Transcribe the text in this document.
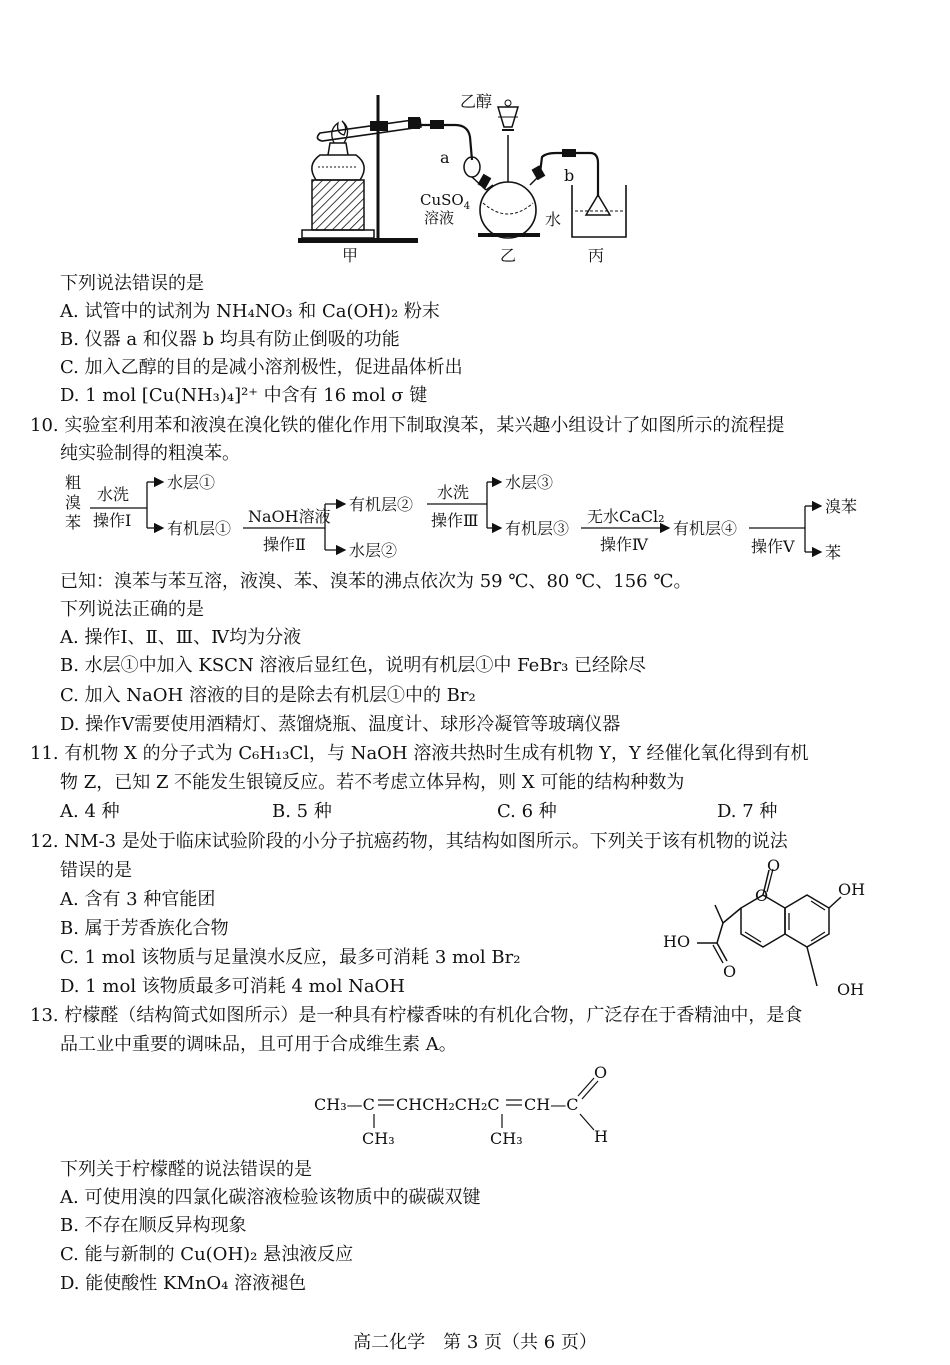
乙醇
a
b
CuSO$_4$
溶液	水
甲	乙	丙
下列说法错误的是
A. 试管中的试剂为 NH₄NO₃ 和 Ca(OH)₂ 粉末
B. 仪器 a 和仪器 b 均具有防止倒吸的功能
C. 加入乙醇的目的是减小溶剂极性，促进晶体析出
D. 1 mol [Cu(NH₃)₄]²⁺ 中含有 16 mol σ 键
10. 实验室利用苯和液溴在溴化铁的催化作用下制取溴苯，某兴趣小组设计了如图所示的流程提
纯实验制得的粗溴苯。
粗
溴
苯
水洗
操作Ⅰ
水层①
有机层①
NaOH溶液
操作Ⅱ
有机层②
水层②
水洗
操作Ⅲ
水层③
有机层③
无水CaCl₂
操作Ⅳ
有机层④
操作Ⅴ
溴苯
苯
已知：溴苯与苯互溶，液溴、苯、溴苯的沸点依次为 59 ℃、80 ℃、156 ℃。
下列说法正确的是
A. 操作Ⅰ、Ⅱ、Ⅲ、Ⅳ均为分液
B. 水层①中加入 KSCN 溶液后显红色，说明有机层①中 FeBr₃ 已经除尽
C. 加入 NaOH 溶液的目的是除去有机层①中的 Br₂
D. 操作Ⅴ需要使用酒精灯、蒸馏烧瓶、温度计、球形冷凝管等玻璃仪器
11. 有机物 X 的分子式为 C₆H₁₃Cl，与 NaOH 溶液共热时生成有机物 Y，Y 经催化氧化得到有机
物 Z，已知 Z 不能发生银镜反应。若不考虑立体异构，则 X 可能的结构种数为
A. 4 种	B. 5 种	C. 6 种	D. 7 种
12. NM-3 是处于临床试验阶段的小分子抗癌药物，其结构如图所示。下列关于该有机物的说法
错误的是
A. 含有 3 种官能团
B. 属于芳香族化合物
C. 1 mol 该物质与足量溴水反应，最多可消耗 3 mol Br₂
D. 1 mol 该物质最多可消耗 4 mol NaOH
O
O	OH
HO
O
OH
13. 柠檬醛（结构简式如图所示）是一种具有柠檬香味的有机化合物，广泛存在于香精油中，是食
品工业中重要的调味品，且可用于合成维生素 A。
CH₃—C CHCH₂CH₂C CH—C
CH₃	CH₃
O
H
下列关于柠檬醛的说法错误的是
A. 可使用溴的四氯化碳溶液检验该物质中的碳碳双键
B. 不存在顺反异构现象
C. 能与新制的 Cu(OH)₂ 悬浊液反应
D. 能使酸性 KMnO₄ 溶液褪色
高二化学　第 3 页（共 6 页）
